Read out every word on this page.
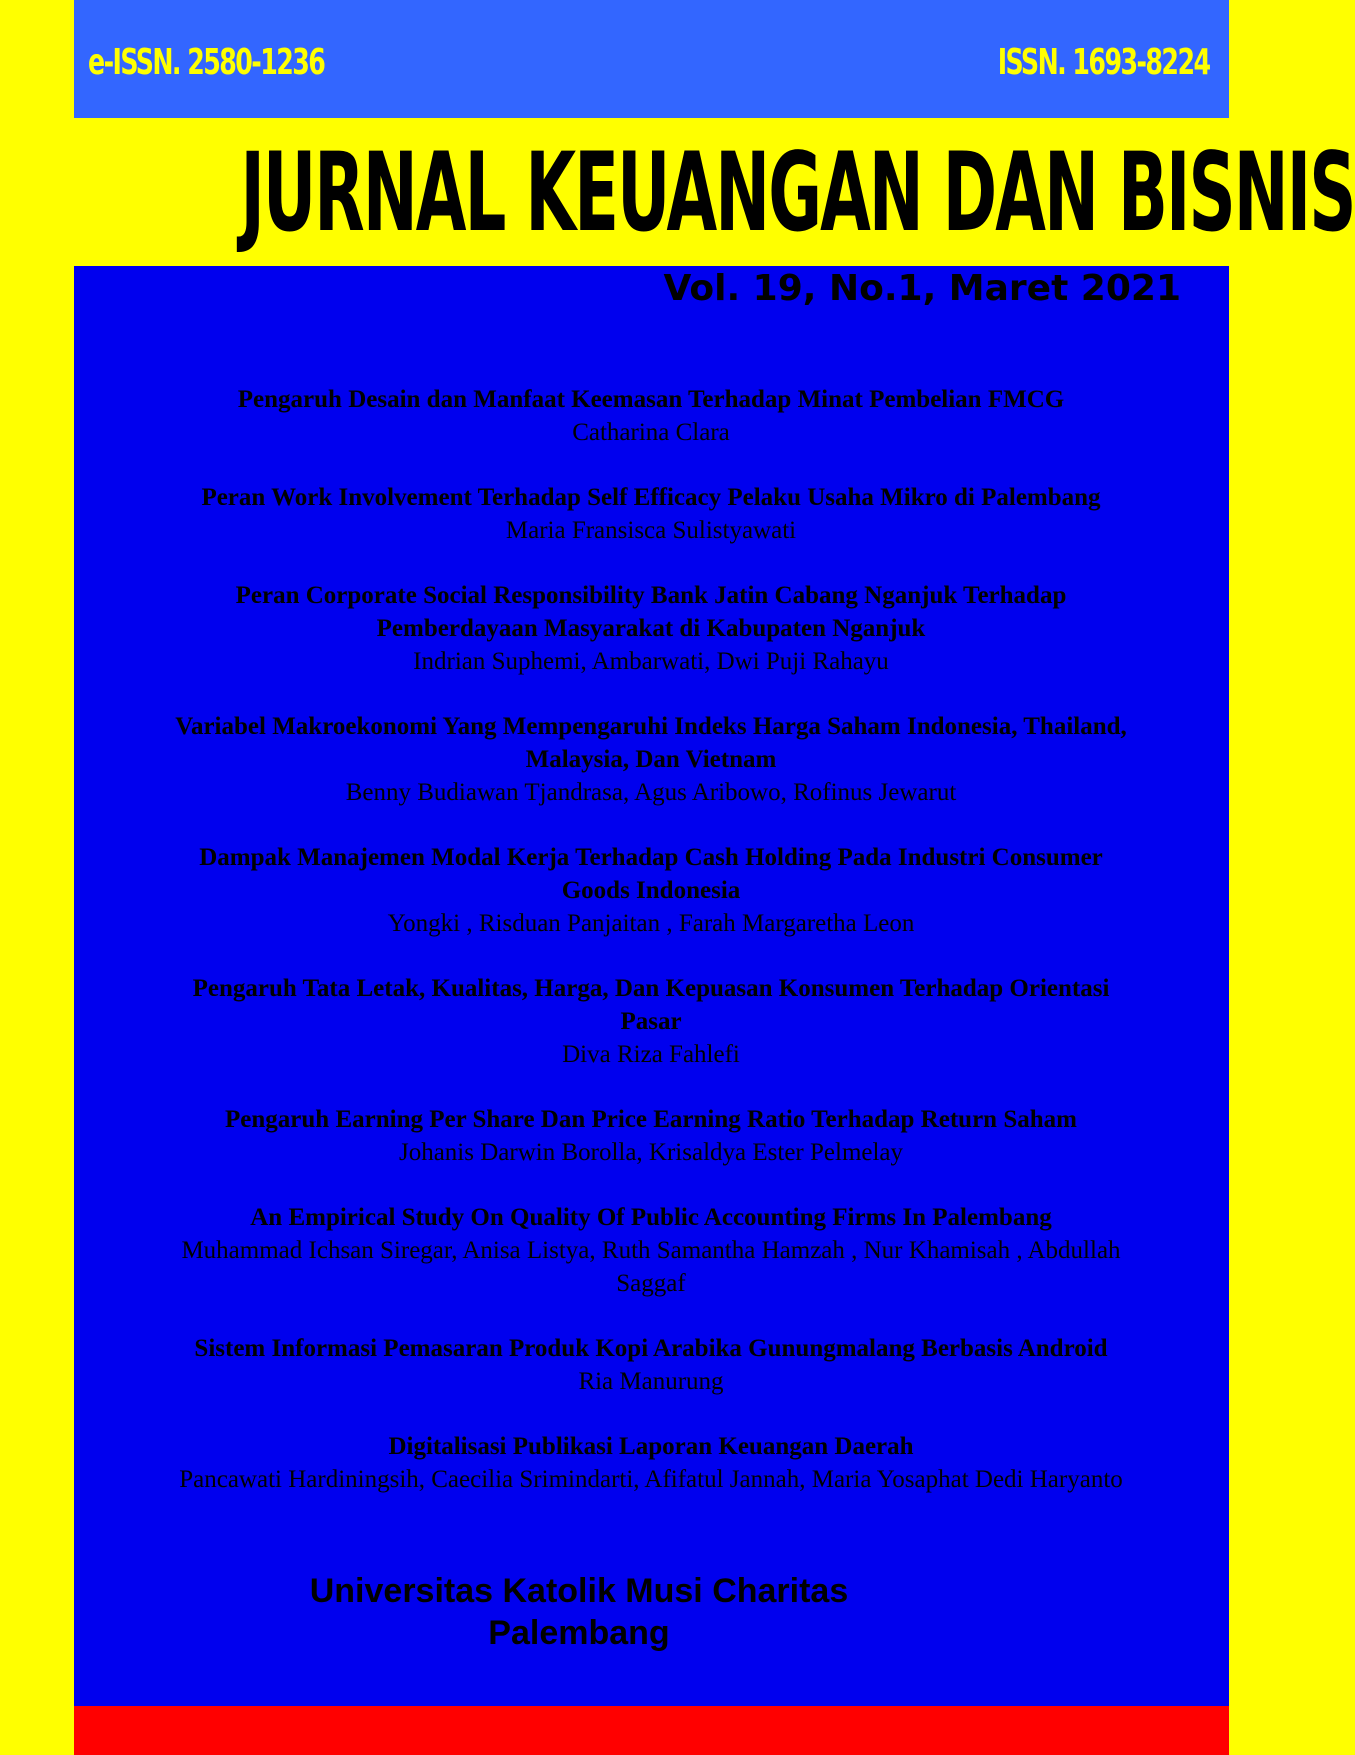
e-ISSN. 2580-1236	ISSN. 1693-8224
JURNAL KEUANGAN DAN BISNIS
Vol. 19, No.1, Maret 2021
Pengaruh Desain dan Manfaat Keemasan Terhadap Minat Pembelian FMCG
Catharina Clara
Peran Work Involvement Terhadap Self Efficacy Pelaku Usaha Mikro di Palembang
Maria Fransisca Sulistyawati
Peran Corporate Social Responsibility Bank Jatin Cabang Nganjuk Terhadap
Pemberdayaan Masyarakat di Kabupaten Nganjuk
Indrian Suphemi, Ambarwati, Dwi Puji Rahayu
Variabel Makroekonomi Yang Mempengaruhi Indeks Harga Saham Indonesia, Thailand,
Malaysia, Dan Vietnam
Benny Budiawan Tjandrasa, Agus Aribowo, Rofinus Jewarut
Dampak Manajemen Modal Kerja Terhadap Cash Holding Pada Industri Consumer
Goods Indonesia
Yongki , Risduan Panjaitan , Farah Margaretha Leon
Pengaruh Tata Letak, Kualitas, Harga, Dan Kepuasan Konsumen Terhadap Orientasi
Pasar
Diva Riza Fahlefi
Pengaruh Earning Per Share Dan Price Earning Ratio Terhadap Return Saham
Johanis Darwin Borolla, Krisaldya Ester Pelmelay
An Empirical Study On Quality Of Public Accounting Firms In Palembang
Muhammad Ichsan Siregar, Anisa Listya, Ruth Samantha Hamzah , Nur Khamisah , Abdullah
Saggaf
Sistem Informasi Pemasaran Produk Kopi Arabika Gunungmalang Berbasis Android
Ria Manurung
Digitalisasi Publikasi Laporan Keuangan Daerah
Pancawati Hardiningsih, Caecilia Srimindarti, Afifatul Jannah, Maria Yosaphat Dedi Haryanto
Universitas Katolik Musi Charitas
Palembang
